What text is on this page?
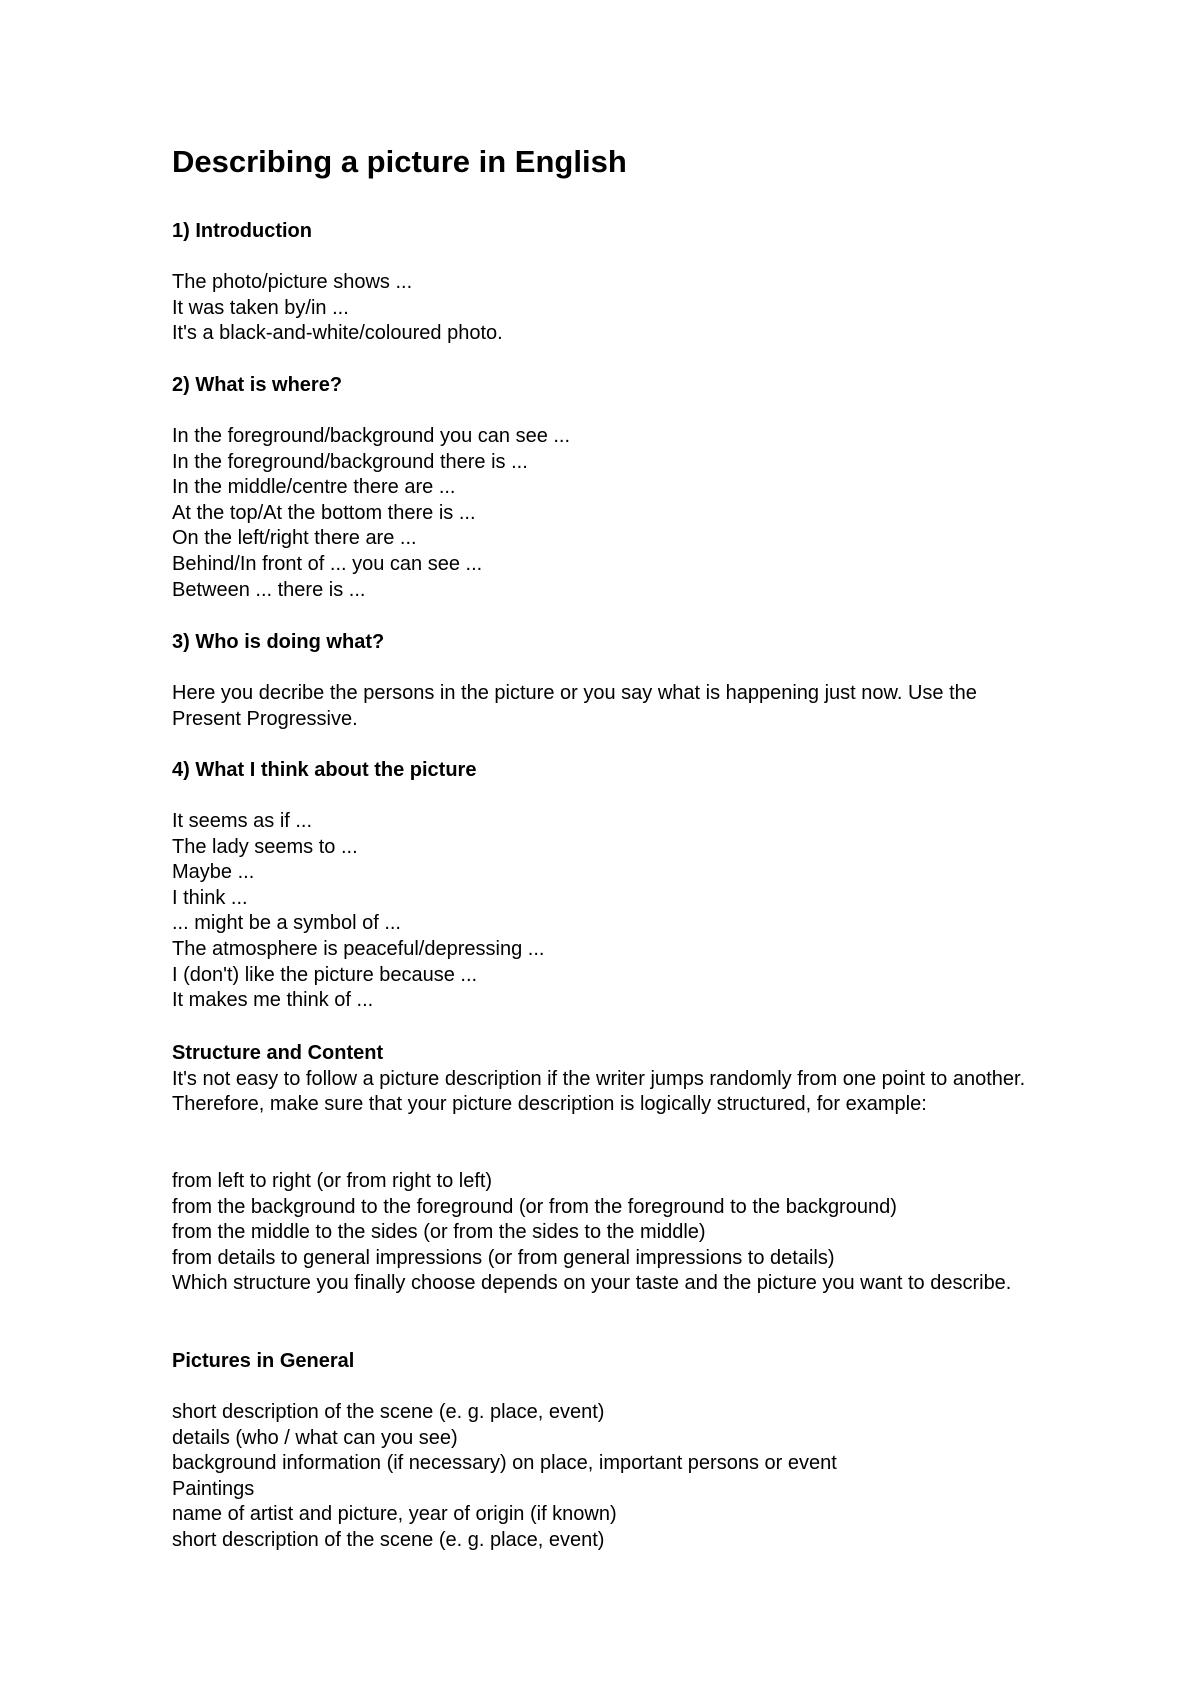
Describing a picture in English

1) Introduction

The photo/picture shows ...

It was taken by/in ...

It's a black-and-white/coloured photo.

2) What is where?

In the foreground/background you can see ...

In the foreground/background there is ...

In the middle/centre there are ...

At the top/At the bottom there is ...

On the left/right there are ...

Behind/In front of ... you can see ...

Between ... there is ...

3) Who is doing what?

Here you decribe the persons in the picture or you say what is happening just now. Use the Present Progressive.

4) What I think about the picture

It seems as if ...

The lady seems to ...

Maybe ...

I think ...

... might be a symbol of ...

The atmosphere is peaceful/depressing ...

I (don't) like the picture because ...

It makes me think of ...

Structure and Content

It's not easy to follow a picture description if the writer jumps randomly from one point to another. Therefore, make sure that your picture description is logically structured, for example:

from left to right (or from right to left)

from the background to the foreground (or from the foreground to the background)

from the middle to the sides (or from the sides to the middle)

from details to general impressions (or from general impressions to details)

Which structure you finally choose depends on your taste and the picture you want to describe.

Pictures in General

short description of the scene (e. g. place, event)

details (who / what can you see)

background information (if necessary) on place, important persons or event

Paintings

name of artist and picture, year of origin (if known)

short description of the scene (e. g. place, event)
